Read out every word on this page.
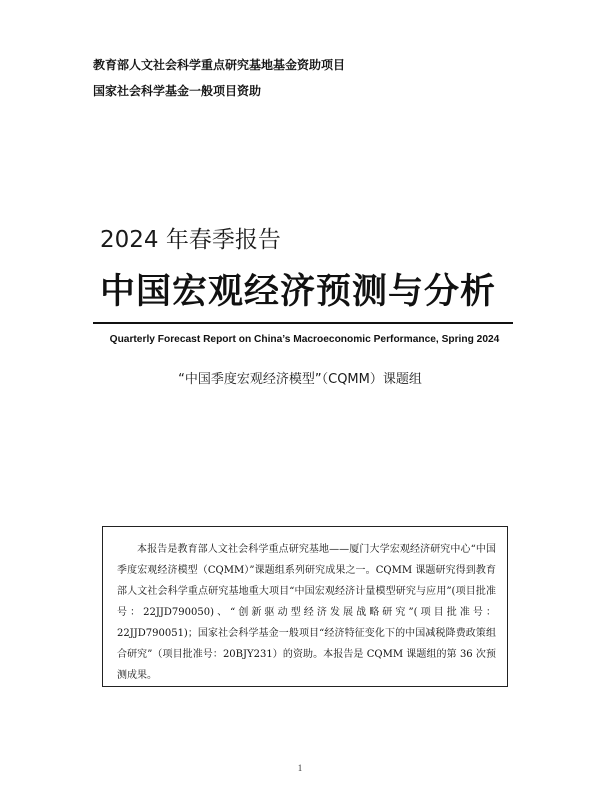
教育部人文社会科学重点研究基地基金资助项目
国家社会科学基金一般项目资助
2024 年春季报告
中国宏观经济预测与分析
Quarterly Forecast Report on China’s Macroeconomic Performance, Spring 2024
“中国季度宏观经济模型”（CQMM）课题组

本报告是教育部人文社会科学重点研究基地——厦门大学宏观经济研究中心“中国季度宏观经济模型（CQMM）”课题组系列研究成果之一。CQMM 课题研究得到教育部人文社会科学重点研究基地重大项目“中国宏观经济计量模型研究与应用”(项目批准号：22JJD790050)、“创新驱动型经济发展战略研究”(项目批准号：22JJD790051)；国家社会科学基金一般项目“经济特征变化下的中国减税降费政策组合研究”（项目批准号：20BJY231）的资助。本报告是 CQMM 课题组的第 36 次预测成果。

1
